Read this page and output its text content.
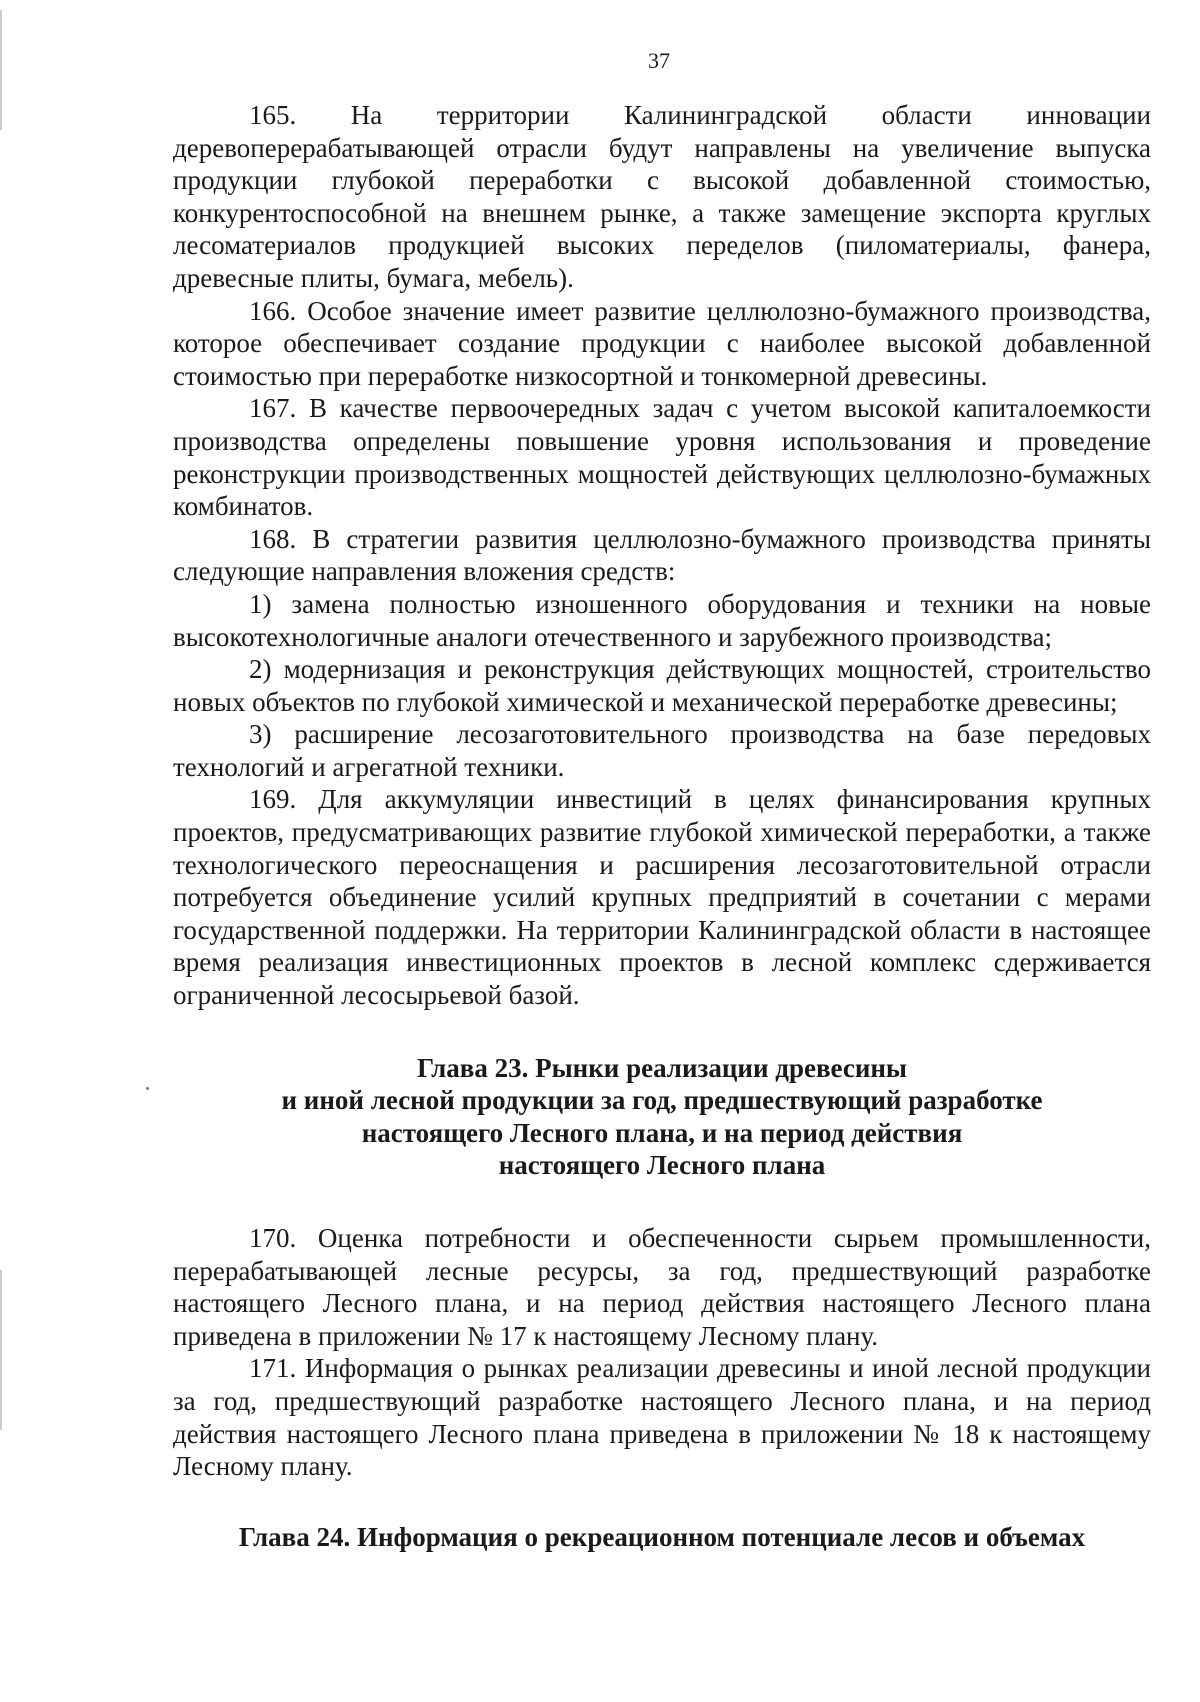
37

165. На территории Калининградской области инновации деревоперерабатывающей отрасли будут направлены на увеличение выпуска продукции глубокой переработки с высокой добавленной стоимостью, конкурентоспособной на внешнем рынке, а также замещение экспорта круглых лесоматериалов продукцией высоких переделов (пиломатериалы, фанера, древесные плиты, бумага, мебель).

166. Особое значение имеет развитие целлюлозно-бумажного производства, которое обеспечивает создание продукции с наиболее высокой добавленной стоимостью при переработке низкосортной и тонкомерной древесины.

167. В качестве первоочередных задач с учетом высокой капиталоемкости производства определены повышение уровня использования и проведение реконструкции производственных мощностей действующих целлюлозно-бумажных комбинатов.

168. В стратегии развития целлюлозно-бумажного производства приняты следующие направления вложения средств:

1) замена полностью изношенного оборудования и техники на новые высокотехнологичные аналоги отечественного и зарубежного производства;

2) модернизация и реконструкция действующих мощностей, строительство новых объектов по глубокой химической и механической переработке древесины;

3) расширение лесозаготовительного производства на базе передовых технологий и агрегатной техники.

169. Для аккумуляции инвестиций в целях финансирования крупных проектов, предусматривающих развитие глубокой химической переработки, а также технологического переоснащения и расширения лесозаготовительной отрасли потребуется объединение усилий крупных предприятий в сочетании с мерами государственной поддержки. На территории Калининградской области в настоящее время реализация инвестиционных проектов в лесной комплекс сдерживается ограниченной лесосырьевой базой.

Глава 23. Рынки реализации древесины
и иной лесной продукции за год, предшествующий разработке
настоящего Лесного плана, и на период действия
настоящего Лесного плана

170. Оценка потребности и обеспеченности сырьем промышленности, перерабатывающей лесные ресурсы, за год, предшествующий разработке настоящего Лесного плана, и на период действия настоящего Лесного плана приведена в приложении № 17 к настоящему Лесному плану.

171. Информация о рынках реализации древесины и иной лесной продукции за год, предшествующий разработке настоящего Лесного плана, и на период действия настоящего Лесного плана приведена в приложении № 18 к настоящему Лесному плану.

Глава 24. Информация о рекреационном потенциале лесов и объемах
